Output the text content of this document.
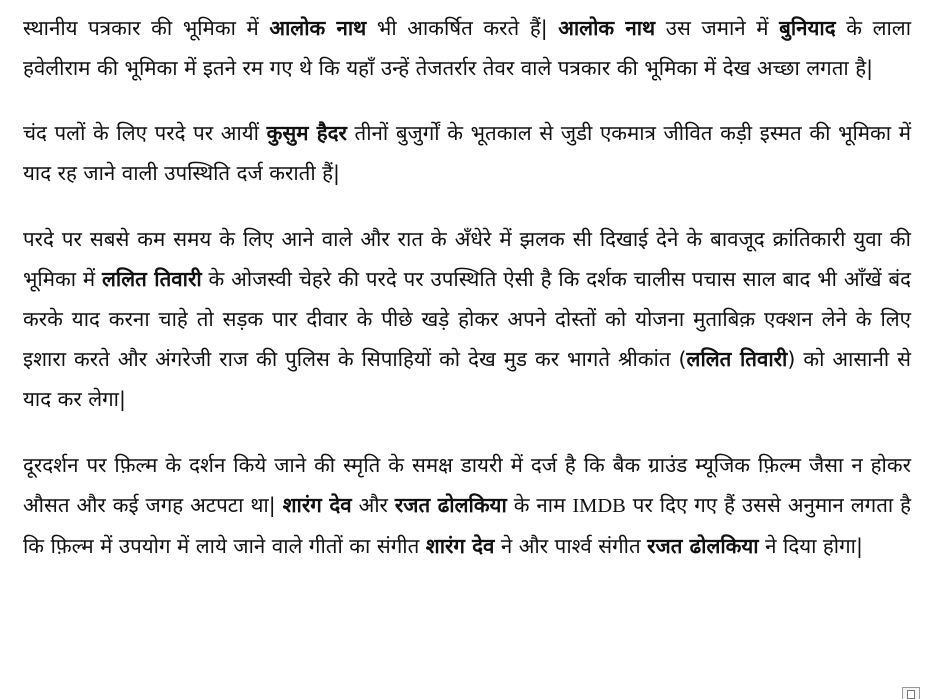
स्थानीय पत्रकार की भूमिका में आलोक नाथ भी आकर्षित करते हैं| आलोक नाथ उस जमाने में बुनियाद के लाला हवेलीराम की भूमिका में इतने रम गए थे कि यहाँ उन्हें तेजतर्रार तेवर वाले पत्रकार की भूमिका में देख अच्छा लगता है|

चंद पलों के लिए परदे पर आयीं कुसुम हैदर तीनों बुजुर्गों के भूतकाल से जुडी एकमात्र जीवित कड़ी इस्मत की भूमिका में याद रह जाने वाली उपस्थिति दर्ज कराती हैं|

परदे पर सबसे कम समय के लिए आने वाले और रात के अँधेरे में झलक सी दिखाई देने के बावजूद क्रांतिकारी युवा की भूमिका में ललित तिवारी के ओजस्वी चेहरे की परदे पर उपस्थिति ऐसी है कि दर्शक चालीस पचास साल बाद भी आँखें बंद करके याद करना चाहे तो सड़क पार दीवार के पीछे खड़े होकर अपने दोस्तों को योजना मुताबिक़ एक्शन लेने के लिए इशारा करते और अंगरेजी राज की पुलिस के सिपाहियों को देख मुड कर भागते श्रीकांत (ललित तिवारी) को आसानी से याद कर लेगा|

दूरदर्शन पर फ़िल्म के दर्शन किये जाने की स्मृति के समक्ष डायरी में दर्ज है कि बैक ग्राउंड म्यूजिक फ़िल्म जैसा न होकर औसत और कई जगह अटपटा था| शारंग देव और रजत ढोलकिया के नाम IMDB पर दिए गए हैं उससे अनुमान लगता है कि फ़िल्म में उपयोग में लाये जाने वाले गीतों का संगीत शारंग देव ने और पार्श्व संगीत रजत ढोलकिया ने दिया होगा|
